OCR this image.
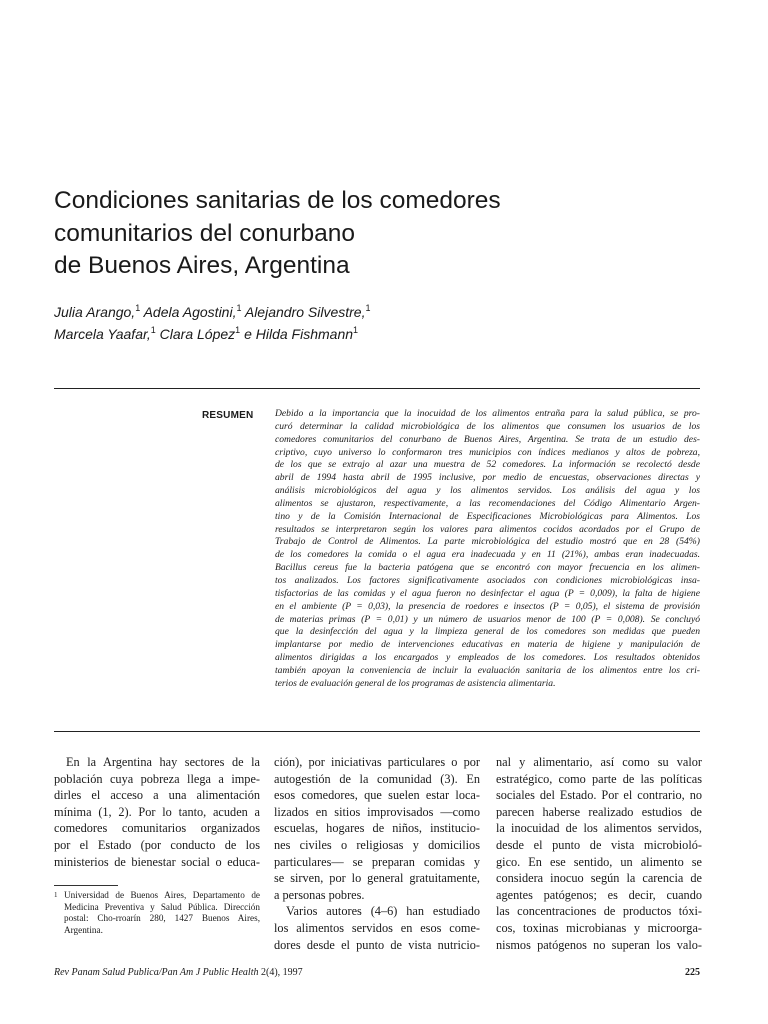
Condiciones sanitarias de los comedores
comunitarios del conurbano
de Buenos Aires, Argentina
Julia Arango,$^1$ Adela Agostini,$^1$ Alejandro Silvestre,$^1$
Marcela Yaafar,$^1$ Clara López$^1$ e Hilda Fishmann$^1$
RESUMEN Debido a la importancia que la inocuidad de los alimentos entraña para la salud pública, se pro-
curó determinar la calidad microbiológica de los alimentos que consumen los usuarios de los
comedores comunitarios del conurbano de Buenos Aires, Argentina. Se trata de un estudio des-
criptivo, cuyo universo lo conformaron tres municipios con índices medianos y altos de pobreza,
de los que se extrajo al azar una muestra de 52 comedores. La información se recolectó desde
abril de 1994 hasta abril de 1995 inclusive, por medio de encuestas, observaciones directas y
análisis microbiológicos del agua y los alimentos servidos. Los análisis del agua y los
alimentos se ajustaron, respectivamente, a las recomendaciones del Código Alimentario Argen-
tino y de la Comisión Internacional de Especificaciones Microbiológicas para Alimentos. Los
resultados se interpretaron según los valores para alimentos cocidos acordados por el Grupo de
Trabajo de Control de Alimentos. La parte microbiológica del estudio mostró que en 28 (54%)
de los comedores la comida o el agua era inadecuada y en 11 (21%), ambas eran inadecuadas.
Bacillus cereus fue la bacteria patógena que se encontró con mayor frecuencia en los alimen-
tos analizados. Los factores significativamente asociados con condiciones microbiológicas insa-
tisfactorias de las comidas y el agua fueron no desinfectar el agua (P = 0,009), la falta de higiene
en el ambiente (P = 0,03), la presencia de roedores e insectos (P = 0,05), el sistema de provisión
de materias primas (P = 0,01) y un número de usuarios menor de 100 (P = 0,008). Se concluyó
que la desinfección del agua y la limpieza general de los comedores son medidas que pueden
implantarse por medio de intervenciones educativas en materia de higiene y manipulación de
alimentos dirigidas a los encargados y empleados de los comedores. Los resultados obtenidos
también apoyan la conveniencia de incluir la evaluación sanitaria de los alimentos entre los cri-
terios de evaluación general de los programas de asistencia alimentaria.
En la Argentina hay sectores de la
población cuya pobreza llega a impe-
dirles el acceso a una alimentación
mínima (1, 2). Por lo tanto, acuden a
comedores comunitarios organizados
por el Estado (por conducto de los
ministerios de bienestar social o educa-
ción), por iniciativas particulares o por
autogestión de la comunidad (3). En
esos comedores, que suelen estar loca-
lizados en sitios improvisados —como
escuelas, hogares de niños, institucio-
nes civiles o religiosas y domicilios
particulares— se preparan comidas y
se sirven, por lo general gratuitamente,
a personas pobres.
Varios autores (4–6) han estudiado
los alimentos servidos en esos come-
dores desde el punto de vista nutricio-
nal y alimentario, así como su valor
estratégico, como parte de las políticas
sociales del Estado. Por el contrario, no
parecen haberse realizado estudios de
la inocuidad de los alimentos servidos,
desde el punto de vista microbioló-
gico. En ese sentido, un alimento se
considera inocuo según la carencia de
agentes patógenos; es decir, cuando
las concentraciones de productos tóxi-
cos, toxinas microbianas y microorga-
nismos patógenos no superan los valo-
1 Universidad de Buenos Aires, Departamento de
Medicina Preventiva y Salud Pública. Dirección
postal: Cho-rroarín 280, 1427 Buenos Aires,
Argentina.
Rev Panam Salud Publica/Pan Am J Public Health 2(4), 1997	225
